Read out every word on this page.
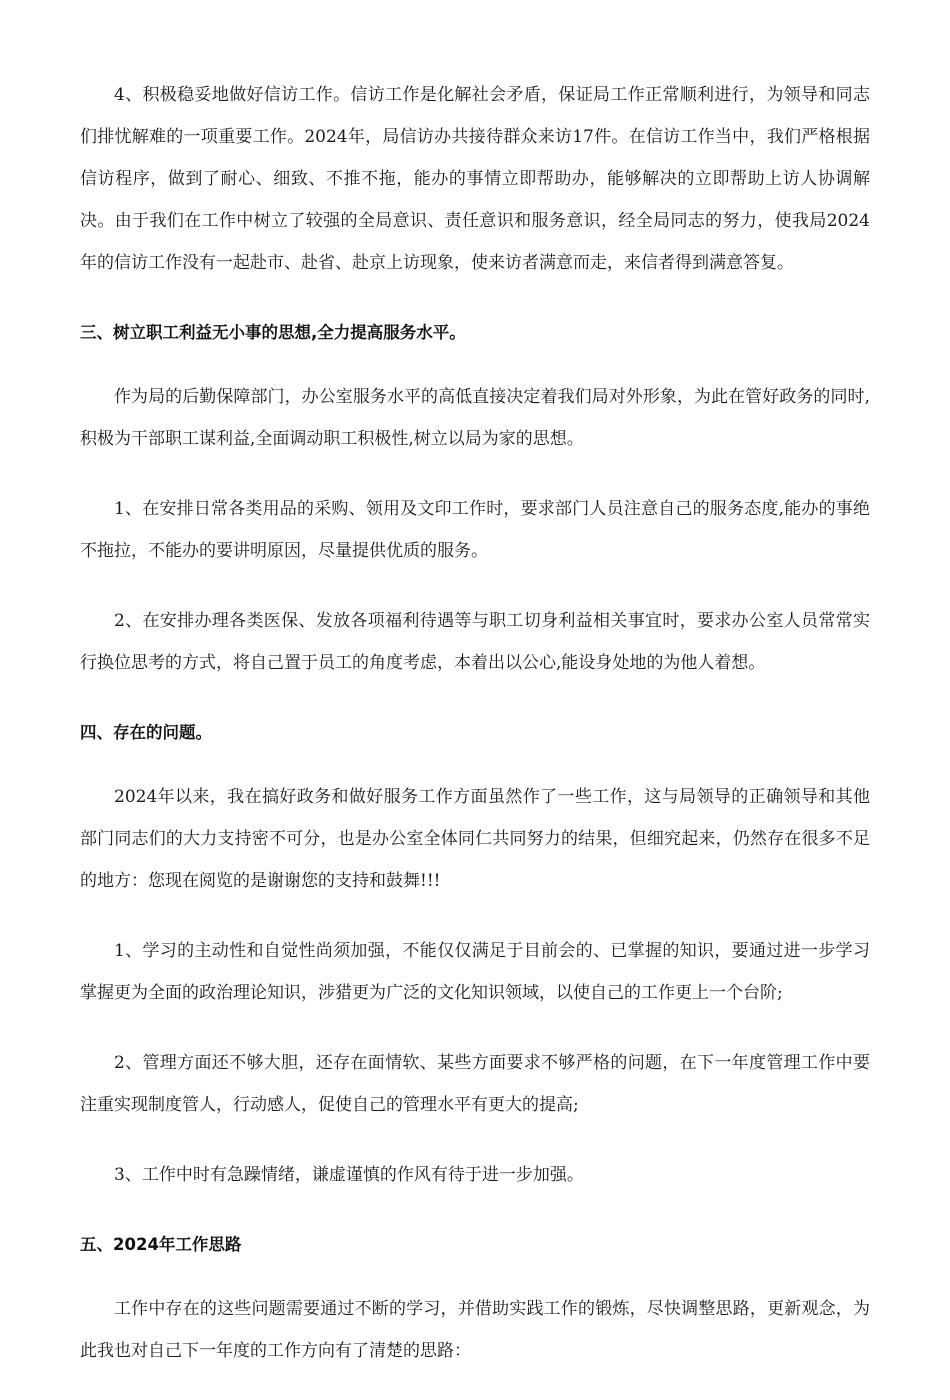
4、积极稳妥地做好信访工作。信访工作是化解社会矛盾，保证局工作正常顺利进行，为领导和同志们排忧解难的一项重要工作。2024年，局信访办共接待群众来访17件。在信访工作当中，我们严格根据信访程序，做到了耐心、细致、不推不拖，能办的事情立即帮助办，能够解决的立即帮助上访人协调解决。由于我们在工作中树立了较强的全局意识、责任意识和服务意识，经全局同志的努力，使我局2024年的信访工作没有一起赴市、赴省、赴京上访现象，使来访者满意而走，来信者得到满意答复。

三、树立职工利益无小事的思想,全力提高服务水平。

作为局的后勤保障部门，办公室服务水平的高低直接决定着我们局对外形象，为此在管好政务的同时,积极为干部职工谋利益,全面调动职工积极性,树立以局为家的思想。

1、在安排日常各类用品的采购、领用及文印工作时，要求部门人员注意自己的服务态度,能办的事绝不拖拉，不能办的要讲明原因，尽量提供优质的服务。

2、在安排办理各类医保、发放各项福利待遇等与职工切身利益相关事宜时，要求办公室人员常常实行换位思考的方式，将自己置于员工的角度考虑，本着出以公心,能设身处地的为他人着想。

四、存在的问题。

2024年以来，我在搞好政务和做好服务工作方面虽然作了一些工作，这与局领导的正确领导和其他部门同志们的大力支持密不可分，也是办公室全体同仁共同努力的结果，但细究起来，仍然存在很多不足的地方：您现在阅览的是谢谢您的支持和鼓舞!!!

1、学习的主动性和自觉性尚须加强，不能仅仅满足于目前会的、已掌握的知识，要通过进一步学习掌握更为全面的政治理论知识，涉猎更为广泛的文化知识领域，以使自己的工作更上一个台阶;

2、管理方面还不够大胆，还存在面情软、某些方面要求不够严格的问题，在下一年度管理工作中要注重实现制度管人，行动感人，促使自己的管理水平有更大的提高;

3、工作中时有急躁情绪，谦虚谨慎的作风有待于进一步加强。

五、2024年工作思路

工作中存在的这些问题需要通过不断的学习，并借助实践工作的锻炼，尽快调整思路，更新观念，为此我也对自己下一年度的工作方向有了清楚的思路：
